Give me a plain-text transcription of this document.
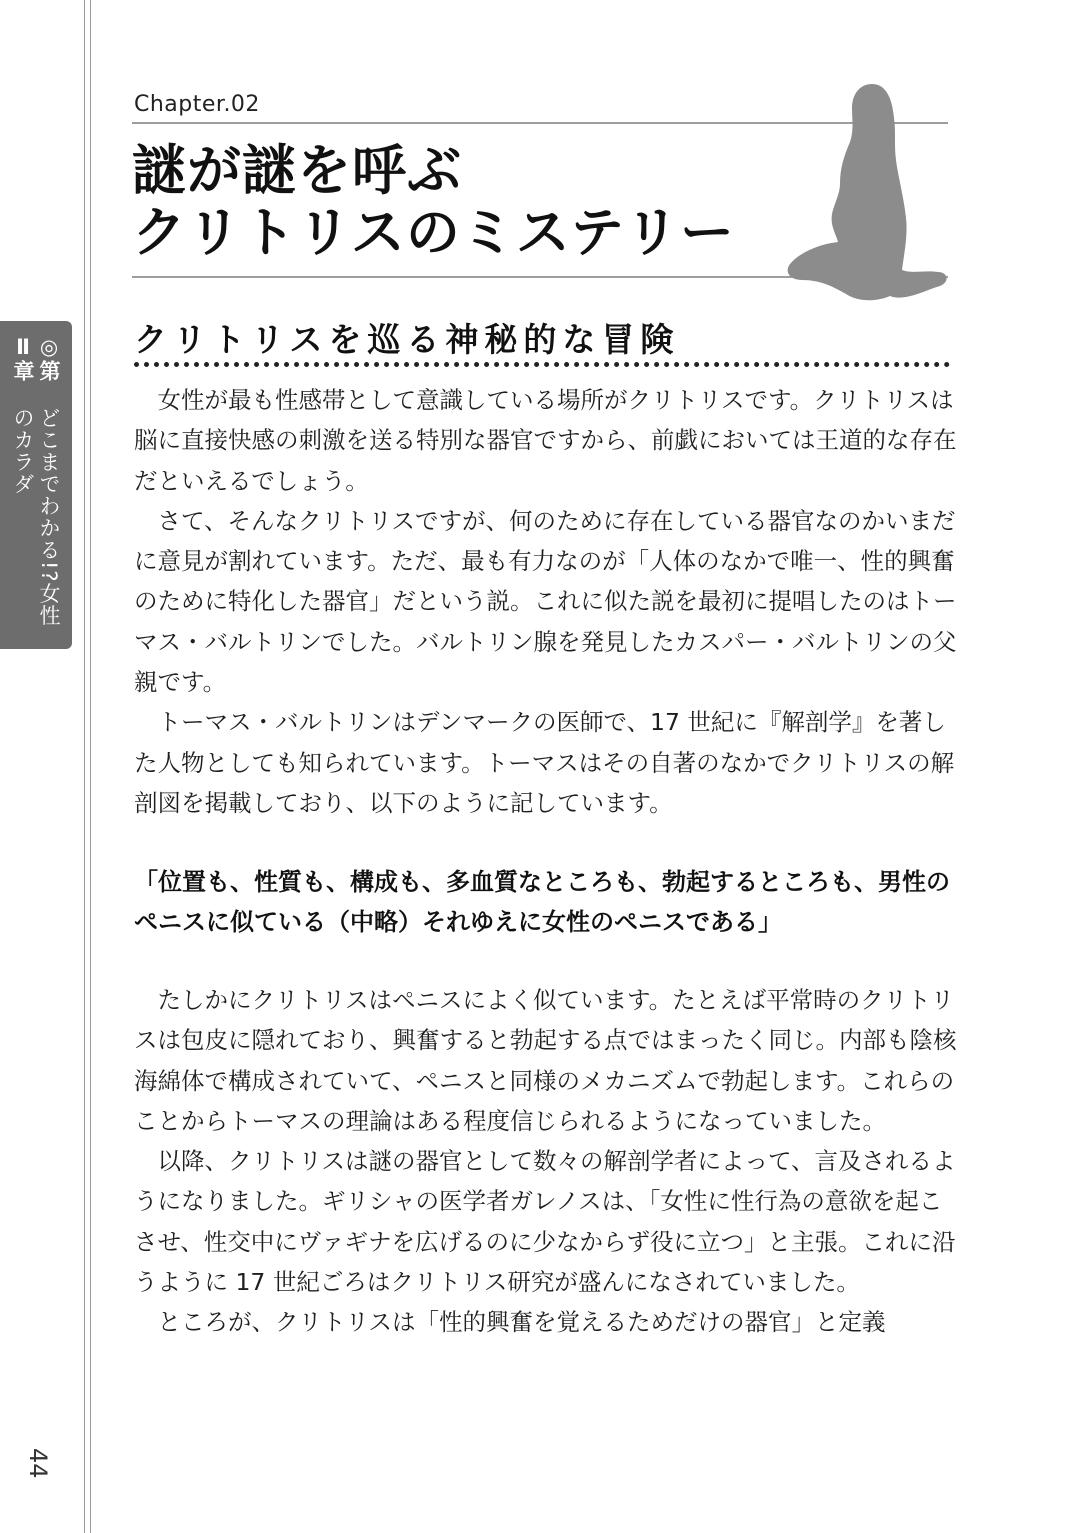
◎第Ⅱ章
どこまでわかる!?女性のカラダ
44
Chapter.02
謎が謎を呼ぶ
クリトリスのミステリー
クリトリスを巡る神秘的な冒険

女性が最も性感帯として意識している場所がクリトリスです。クリトリスは脳に直接快感の刺激を送る特別な器官ですから、前戯においては王道的な存在だといえるでしょう。

さて、そんなクリトリスですが、何のために存在している器官なのかいまだに意見が割れています。ただ、最も有力なのが「人体のなかで唯一、性的興奮のために特化した器官」だという説。これに似た説を最初に提唱したのはトーマス・バルトリンでした。バルトリン腺を発見したカスパー・バルトリンの父親です。

トーマス・バルトリンはデンマークの医師で、17 世紀に『解剖学』を著した人物としても知られています。トーマスはその自著のなかでクリトリスの解剖図を掲載しており、以下のように記しています。

「位置も、性質も、構成も、多血質なところも、勃起するところも、男性のペニスに似ている（中略）それゆえに女性のペニスである」

たしかにクリトリスはペニスによく似ています。たとえば平常時のクリトリスは包皮に隠れており、興奮すると勃起する点ではまったく同じ。内部も陰核海綿体で構成されていて、ペニスと同様のメカニズムで勃起します。これらのことからトーマスの理論はある程度信じられるようになっていました。

以降、クリトリスは謎の器官として数々の解剖学者によって、言及されるようになりました。ギリシャの医学者ガレノスは、「女性に性行為の意欲を起こさせ、性交中にヴァギナを広げるのに少なからず役に立つ」と主張。これに沿うように 17 世紀ごろはクリトリス研究が盛んになされていました。

ところが、クリトリスは「性的興奮を覚えるためだけの器官」と定義
